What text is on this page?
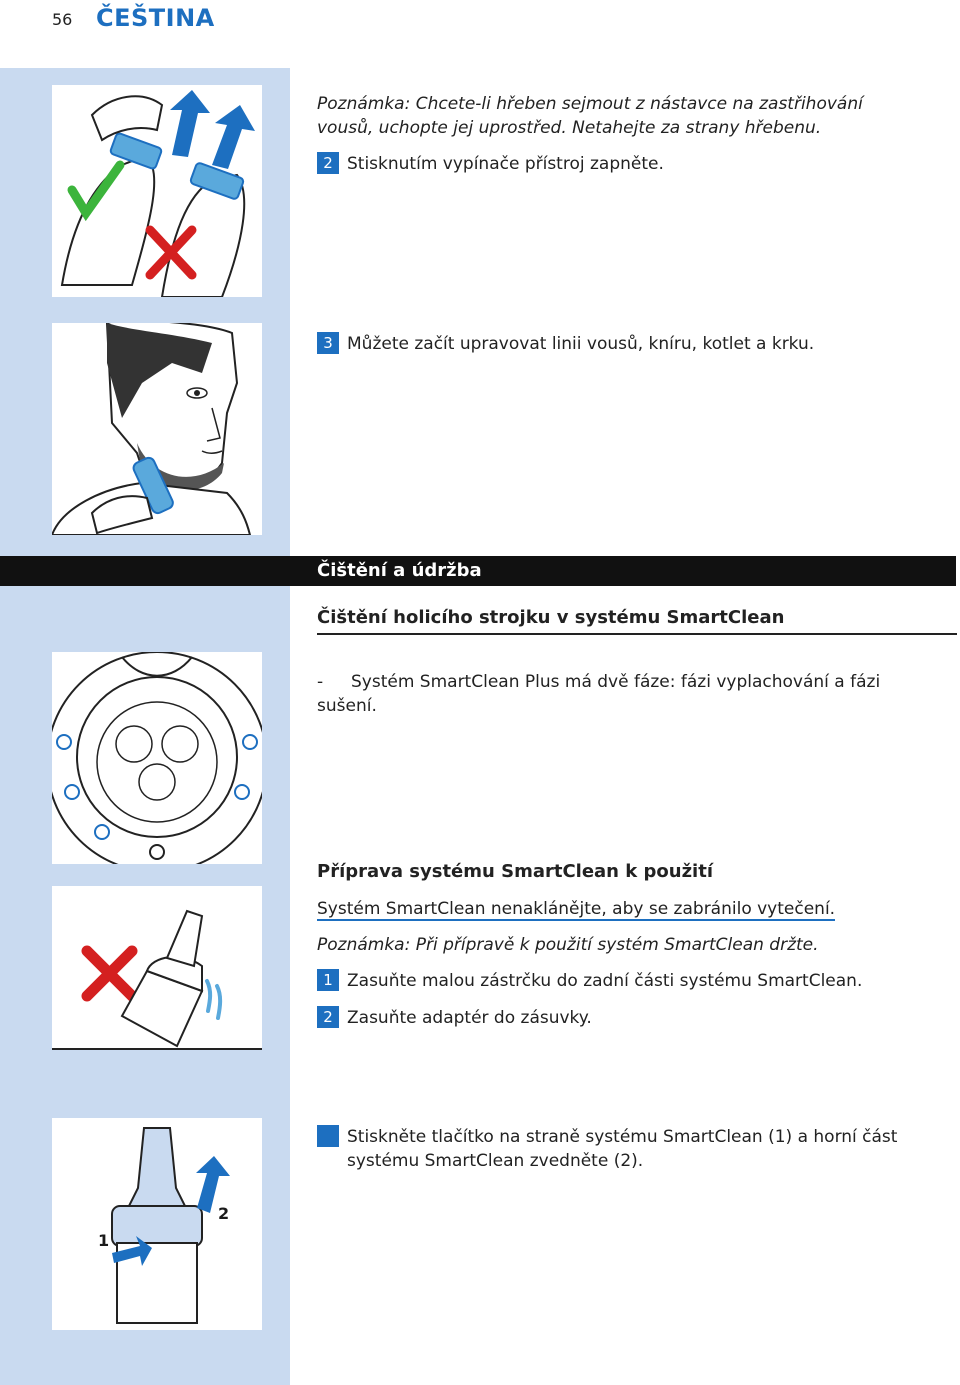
56 ČEŠTINA
1
2
Poznámka: Chcete-li hřeben sejmout z nástavce na zastřihování vousů, uchopte jej uprostřed. Netahejte za strany hřebenu.
2 Stisknutím vypínače přístroj zapněte.
3 Můžete začít upravovat linii vousů, kníru, kotlet a krku.
Čištění a údržba
Čištění holicího strojku v systému SmartClean
- Systém SmartClean Plus má dvě fáze: fázi vyplachování a fázi sušení.
Příprava systému SmartClean k použití
Systém SmartClean nenaklánějte, aby se zabránilo vytečení.
Poznámka: Při přípravě k použití systém SmartClean držte.
1 Zasuňte malou zástrčku do zadní části systému SmartClean.
2 Zasuňte adaptér do zásuvky.
3 Stiskněte tlačítko na straně systému SmartClean (1) a horní část systému SmartClean zvedněte (2).
